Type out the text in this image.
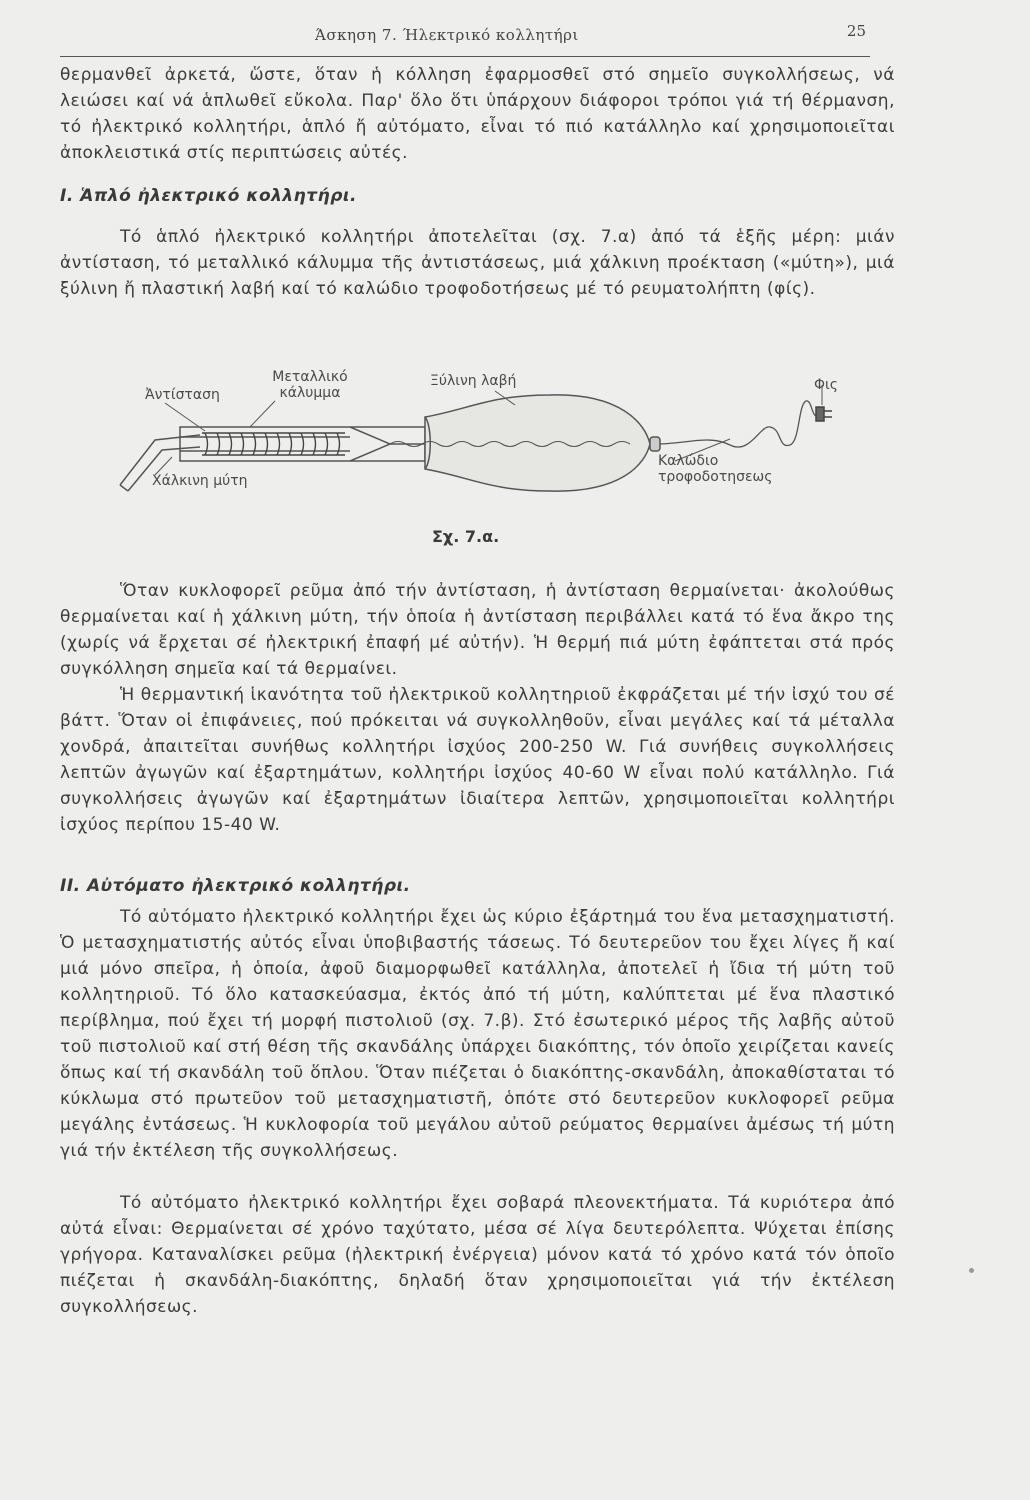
Άσκηση 7. Ήλεκτρικό κολλητήρι	25

θερμανθεῖ ἀρκετά, ὥστε, ὅταν ἡ κόλληση ἐφαρμοσθεῖ στό σημεῖο συγκολλήσεως, νά λειώσει καί νά ἁπλωθεῖ εὔκολα. Παρ' ὅλο ὅτι ὑπάρχουν διάφοροι τρόποι γιά τή θέρμανση, τό ἠλεκτρικό κολλητήρι, ἁπλό ἤ αὐτόματο, εἶναι τό πιό κατάλληλο καί χρησιμοποιεῖται ἀποκλειστικά στίς περιπτώσεις αὐτές.

I. Ἁπλό ἠλεκτρικό κολλητήρι.

Τό ἁπλό ἠλεκτρικό κολλητήρι ἀποτελεῖται (σχ. 7.α) ἀπό τά ἑξῆς μέρη: μιάν ἀντίσταση, τό μεταλλικό κάλυμμα τῆς ἀντιστάσεως, μιά χάλκινη προέκταση («μύτη»), μιά ξύλινη ἤ πλαστική λαβή καί τό καλώδιο τροφοδοτήσεως μέ τό ρευματολήπτη (φίς).

Ἀντίσταση
Μεταλλικό κάλυμμα
Ξύλινη λαβή	Φις
Χάλκινη μύτη
Καλώδιο τροφοδοτησεως
Σχ. 7.α.

Ὅταν κυκλοφορεῖ ρεῦμα ἀπό τήν ἀντίσταση, ἡ ἀντίσταση θερμαίνεται· ἀκολούθως θερμαίνεται καί ἡ χάλκινη μύτη, τήν ὁποία ἡ ἀντίσταση περιβάλλει κατά τό ἕνα ἄκρο της (χωρίς νά ἔρχεται σέ ἠλεκτρική ἐπαφή μέ αὐτήν). Ἡ θερμή πιά μύτη ἐφάπτεται στά πρός συγκόλληση σημεῖα καί τά θερμαίνει.

Ἡ θερμαντική ἱκανότητα τοῦ ἠλεκτρικοῦ κολλητηριοῦ ἐκφράζεται μέ τήν ἰσχύ του σέ βάττ. Ὅταν οἱ ἐπιφάνειες, πού πρόκειται νά συγκολληθοῦν, εἶναι μεγάλες καί τά μέταλλα χονδρά, ἀπαιτεῖται συνήθως κολλητήρι ἰσχύος 200-250 W. Γιά συνήθεις συγκολλήσεις λεπτῶν ἀγωγῶν καί ἐξαρτημάτων, κολλητήρι ἰσχύος 40-60 W εἶναι πολύ κατάλληλο. Γιά συγκολλήσεις ἀγωγῶν καί ἐξαρτημάτων ἰδιαίτερα λεπτῶν, χρησιμοποιεῖται κολλητήρι ἰσχύος περίπου 15-40 W.

II. Αὐτόματο ἠλεκτρικό κολλητήρι.

Τό αὐτόματο ἠλεκτρικό κολλητήρι ἔχει ὡς κύριο ἐξάρτημά του ἕνα μετασχηματιστή. Ὁ μετασχηματιστής αὐτός εἶναι ὑποβιβαστής τάσεως. Τό δευτερεῦον του ἔχει λίγες ἤ καί μιά μόνο σπεῖρα, ἡ ὁποία, ἀφοῦ διαμορφωθεῖ κατάλληλα, ἀποτελεῖ ἡ ἴδια τή μύτη τοῦ κολλητηριοῦ. Τό ὅλο κατασκεύασμα, ἐκτός ἀπό τή μύτη, καλύπτεται μέ ἕνα πλαστικό περίβλημα, πού ἔχει τή μορφή πιστολιοῦ (σχ. 7.β). Στό ἐσωτερικό μέρος τῆς λαβῆς αὐτοῦ τοῦ πιστολιοῦ καί στή θέση τῆς σκανδάλης ὑπάρχει διακόπτης, τόν ὁποῖο χειρίζεται κανείς ὅπως καί τή σκανδάλη τοῦ ὅπλου. Ὅταν πιέζεται ὁ διακόπτης-σκανδάλη, ἀποκαθίσταται τό κύκλωμα στό πρωτεῦον τοῦ μετασχηματιστῆ, ὁπότε στό δευτερεῦον κυκλοφορεῖ ρεῦμα μεγάλης ἐντάσεως. Ἡ κυκλοφορία τοῦ μεγάλου αὐτοῦ ρεύματος θερμαίνει ἀμέσως τή μύτη γιά τήν ἐκτέλεση τῆς συγκολλήσεως.

Τό αὐτόματο ἠλεκτρικό κολλητήρι ἔχει σοβαρά πλεονεκτήματα. Τά κυριότερα ἀπό αὐτά εἶναι: Θερμαίνεται σέ χρόνο ταχύτατο, μέσα σέ λίγα δευτερόλεπτα. Ψύχεται ἐπίσης γρήγορα. Καταναλίσκει ρεῦμα (ἠλεκτρική ἐνέργεια) μόνον κατά τό χρόνο κατά τόν ὁποῖο πιέζεται ἡ σκανδάλη-διακόπτης, δηλαδή ὅταν χρησιμοποιεῖται γιά τήν ἐκτέλεση συγκολλήσεως.
